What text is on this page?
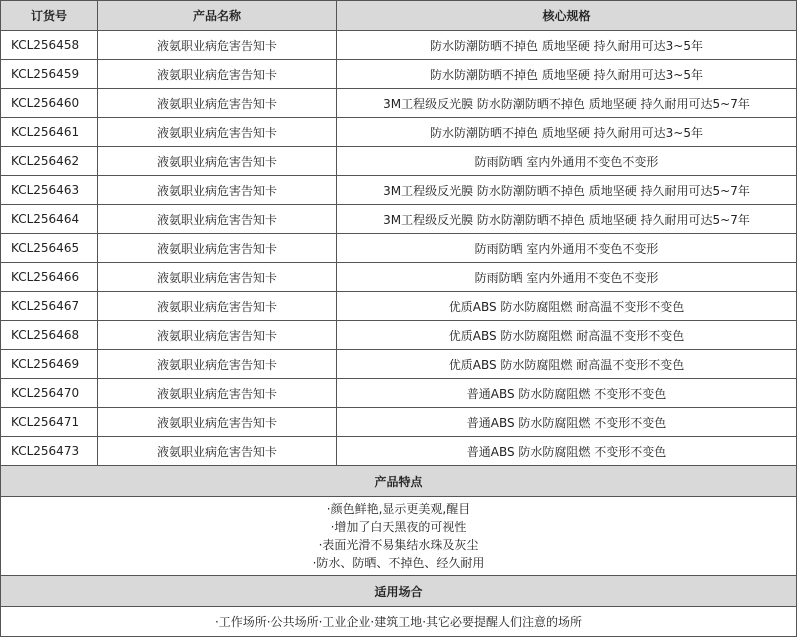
订货号	产品名称	核心规格
KCL256458	液氨职业病危害告知卡	防水防潮防晒不掉色 质地坚硬 持久耐用可达3~5年
KCL256459	液氨职业病危害告知卡	防水防潮防晒不掉色 质地坚硬 持久耐用可达3~5年
KCL256460	液氨职业病危害告知卡	3M工程级反光膜 防水防潮防晒不掉色 质地坚硬 持久耐用可达5~7年
KCL256461	液氨职业病危害告知卡	防水防潮防晒不掉色 质地坚硬 持久耐用可达3~5年
KCL256462	液氨职业病危害告知卡	防雨防晒 室内外通用不变色不变形
KCL256463	液氨职业病危害告知卡	3M工程级反光膜 防水防潮防晒不掉色 质地坚硬 持久耐用可达5~7年
KCL256464	液氨职业病危害告知卡	3M工程级反光膜 防水防潮防晒不掉色 质地坚硬 持久耐用可达5~7年
KCL256465	液氨职业病危害告知卡	防雨防晒 室内外通用不变色不变形
KCL256466	液氨职业病危害告知卡	防雨防晒 室内外通用不变色不变形
KCL256467	液氨职业病危害告知卡	优质ABS 防水防腐阻燃 耐高温不变形不变色
KCL256468	液氨职业病危害告知卡	优质ABS 防水防腐阻燃 耐高温不变形不变色
KCL256469	液氨职业病危害告知卡	优质ABS 防水防腐阻燃 耐高温不变形不变色
KCL256470	液氨职业病危害告知卡	普通ABS 防水防腐阻燃 不变形不变色
KCL256471	液氨职业病危害告知卡	普通ABS 防水防腐阻燃 不变形不变色
KCL256473	液氨职业病危害告知卡	普通ABS 防水防腐阻燃 不变形不变色
产品特点		

·颜色鲜艳,显示更美观,醒目
·增加了白天黑夜的可视性
·表面光滑不易集结水珠及灰尘
·防水、防晒、不掉色、经久耐用		

适用场合		
·工作场所·公共场所·工业企业·建筑工地·其它必要提醒人们注意的场所		
